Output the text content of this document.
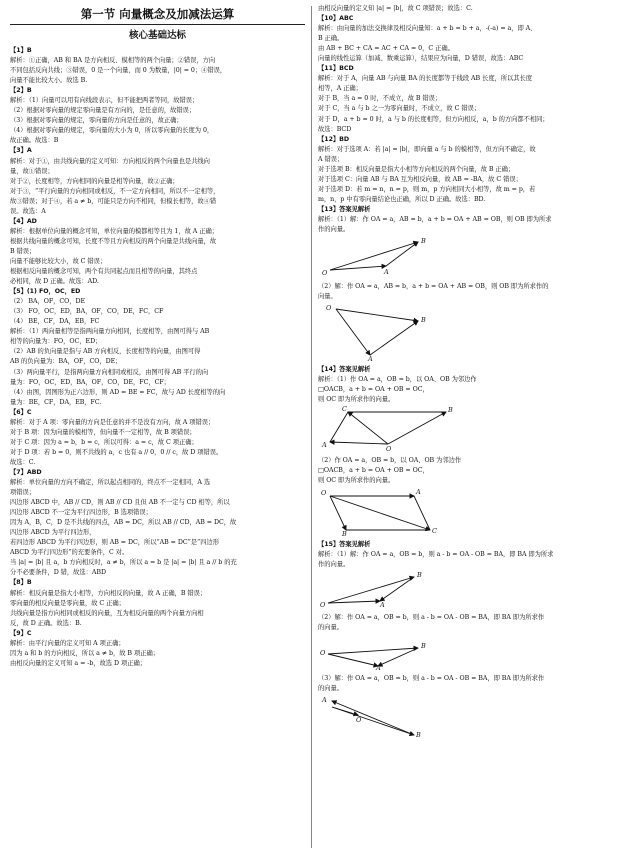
第一节 向量概念及加减法运算
核心基础达标
【1】B
解析：①正确，AB 和 BA 是方向相反、模相等的两个向量；②错误，方向
不同包括反向共线；③错误，0 是一个向量，而 0 为数量，|0| = 0；④错误，
向量不能比较大小。故选 B.
【2】B
解析：（1）向量可以用有向线段表示，但不能把两者等同，故错误；
（2）根据对零向量的规定零向量是有方向的，是任意的，故错误；
（3）根据对零向量的规定，零向量的方向是任意的，故正确；
（4）根据对零向量的规定，零向量的大小为 0，所以零向量的长度为 0，
故正确。故选：B
【3】A
解析：对于①，由共线向量的定义可知：方向相反的两个向量也是共线向
量，故①错误；
对于②，长度相等，方向相同的向量是相等向量，故②正确；
对于③，“平行向量的方向相同或相反，不一定方向相同，所以不一定相等，
故③错误；对于④，若 a ≠ b，可能只是方向不相同，但模长相等，故④错
误。故选：A
【4】AD
解析：根据单位向量的概念可知，单位向量的模都相等且为 1，故 A 正确；
根据共线向量的概念可知，长度不等且方向相反的两个向量是共线向量，故
B 错误；
向量不能够比较大小，故 C 错误；
根据相反向量的概念可知，两个有共同起点而且相等的向量，其终点
必相同，故 D 正确。故选：AD.
【5】(1) FO，OC，ED
（2） BA，OF，CO，DE
（3） FO，OC，ED，BA，OF，CO，DE，FC，CF
（4） BE，CF，DA，EB，FC
解析：（1）两向量相等是指两向量方向相同，长度相等，由图可得与 AB
相等的向量为：FO，OC，ED；
（2）AB 的负向量是指与 AB 方向相反，长度相等的向量，由图可得
AB 的负向量为：BA，OF，CO，DE；
（3）两向量平行，是指两向量方向相同或相反，由图可得 AB 平行的向
量为：FO，OC，ED，BA，OF，CO，DE，FC，CF；
（4）由图，因图形为正六边形，则 AD = BE = FC，故与 AD 长度相等的向
量为：BE，CF，DA，EB，FC.
【6】C
解析：对于 A 项：零向量的方向是任意的并不是没有方向，故 A 项错误；
对于 B 项：因为向量的模相等，但向量不一定相等，故 B 项错误；
对于 C 项：因为 a = b，b = c，所以可得：a = c，故 C 项正确；
对于 D 项：若 b = 0，则不共线的 a，c 也有 a // 0，0 // c，故 D 项错误。
故选：C.
【7】ABD
解析：单位向量的方向不确定，所以起点相同的，终点不一定相同，A 选
项错误；
四边形 ABCD 中，AB // CD，则 AB // CD 且但 AB 不一定与 CD 相等，所以
四边形 ABCD 不一定为平行四边形，B 选项错误；
因为 A，B，C，D 是不共线的四点，AB = DC，所以 AB // CD，AB = DC，故
四边形 ABCD 为平行四边形，
若四边形 ABCD 为平行四边形，则 AB = DC，所以“AB = DC”是“四边形
ABCD 为平行四边形”的充要条件，C 对。
当 |a| = |b| 且 a，b 方向相反时，a ≠ b，所以 a = b 是 |a| = |b| 且 a // b 的充
分不必要条件，D 错，故选：ABD
【8】B
解析：相反向量是指大小相等，方向相反的向量，故 A 正确，B 错误；
零向量的相反向量是零向量，故 C 正确；
共线向量是指方向相同或相反的向量，互为相反向量的两个向量方向相
反，故 D 正确。故选：B.
【9】C
解析：由平行向量的定义可知 A 项正确；
因为 a 和 b 的方向相反，所以 a ≠ b，故 B 项正确；
由相反向量的定义可知 a = -b，故选 D 项正确；
由相反向量的定义知 |a| = |b|，故 C 项错误；故选：C.
【10】ABC
解析：由向量的加法交换律及相反向量知：a + b = b + a，-(-a) = a，即 A、
B 正确。
由 AB + BC + CA = AC + CA = 0，C 正确。
向量的线性运算（加减、数乘运算），结果应为向量，D 错误，故选：ABC
【11】BCD
解析：对于 A，向量 AB 与向量 BA 的长度都等于线段 AB 长度，所以其长度
相等，A 正确；
对于 B，当 a = 0 时，不成立，故 B 错误；
对于 C，当 a 与 b 之一为零向量时，不成立，故 C 错误；
对于 D，a + b = 0 时，a 与 b 的长度相等，但方向相反，a，b 的方向都不相同；
故选：BCD
【12】BD
解析：对于选项 A：若 |a| = |b|，即向量 a 与 b 的模相等，但方向不确定，故
A 错误；
对于选项 B：相反向量是指大小相等方向相反的两个向量，故 B 正确；
对于选项 C：向量 AB 与 BA 互为相反向量，故 AB = -BA，故 C 错误；
对于选项 D：若 m = n，n = p，则 m，p 方向相同大小相等，故 m = p，若
m，n，p 中有零向量结论也正确，所以 D 正确。故选：BD.
【13】答案见解析
解析：（1）解：作 OA = a，AB = b，a + b = OA + AB = OB，则 OB 即为所求
作的向量。
O	A
B
（2）解：作 OA = a，AB = b，a + b = OA + AB = OB，则 OB 即为所求作的
向量。
O
A
B
【14】答案见解析
解析：（1）作 OA = a，OB = b，以 OA、OB 为邻边作
□OACB，a + b = OA + OB = OC，
则 OC 即为所求作的向量。
A
C	B
O
（2）作 OA = a，OB = b，以 OA、OB 为邻边作
□OACB，a + b = OA + OB = OC，
则 OC 即为所求作的向量。
O	A
B	C
【15】答案见解析
解析：（1）解：作 OA = a，OB = b，则 a - b = OA - OB = BA，即 BA 即为所求
作的向量。
O	A
B
（2）解：作 OA = a，OB = b，则 a - b = OA - OB = BA，即 BA 即为所求作
的向量。
O
A
B
（3）解：作 OA = a，OB = b，则 a - b = OA - OB = BA，即 BA 即为所求作
的向量。
A
O
B
